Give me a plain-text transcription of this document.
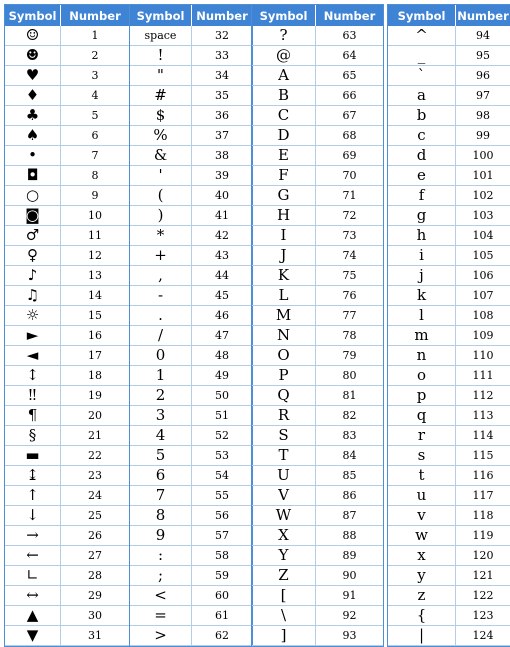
Symbol	Number
☺	1
☻	2
♥	3
♦	4
♣	5
♠	6
•	7
◘	8
○	9
◙	10
♂	11
♀	12
♪	13
♫	14
☼	15
►	16
◄	17
↕	18
‼	19
¶	20
§	21
▬	22
↨	23
↑	24
↓	25
→	26
←	27
∟	28
↔	29
▲	30
▼	31
Symbol	Number
space	32
!	33
"	34
#	35
$	36
%	37
&	38
'	39
(	40
)	41
*	42
+	43
,	44
-	45
.	46
/	47
0	48
1	49
2	50
3	51
4	52
5	53
6	54
7	55
8	56
9	57
:	58
;	59
<	60
=	61
>	62
Symbol	Number
?	63
@	64
A	65
B	66
C	67
D	68
E	69
F	70
G	71
H	72
I	73
J	74
K	75
L	76
M	77
N	78
O	79
P	80
Q	81
R	82
S	83
T	84
U	85
V	86
W	87
X	88
Y	89
Z	90
[	91
\	92
]	93
Symbol	Number
^	94
_	95
`	96
a	97
b	98
c	99
d	100
e	101
f	102
g	103
h	104
i	105
j	106
k	107
l	108
m	109
n	110
o	111
p	112
q	113
r	114
s	115
t	116
u	117
v	118
w	119
x	120
y	121
z	122
{	123
|	124
